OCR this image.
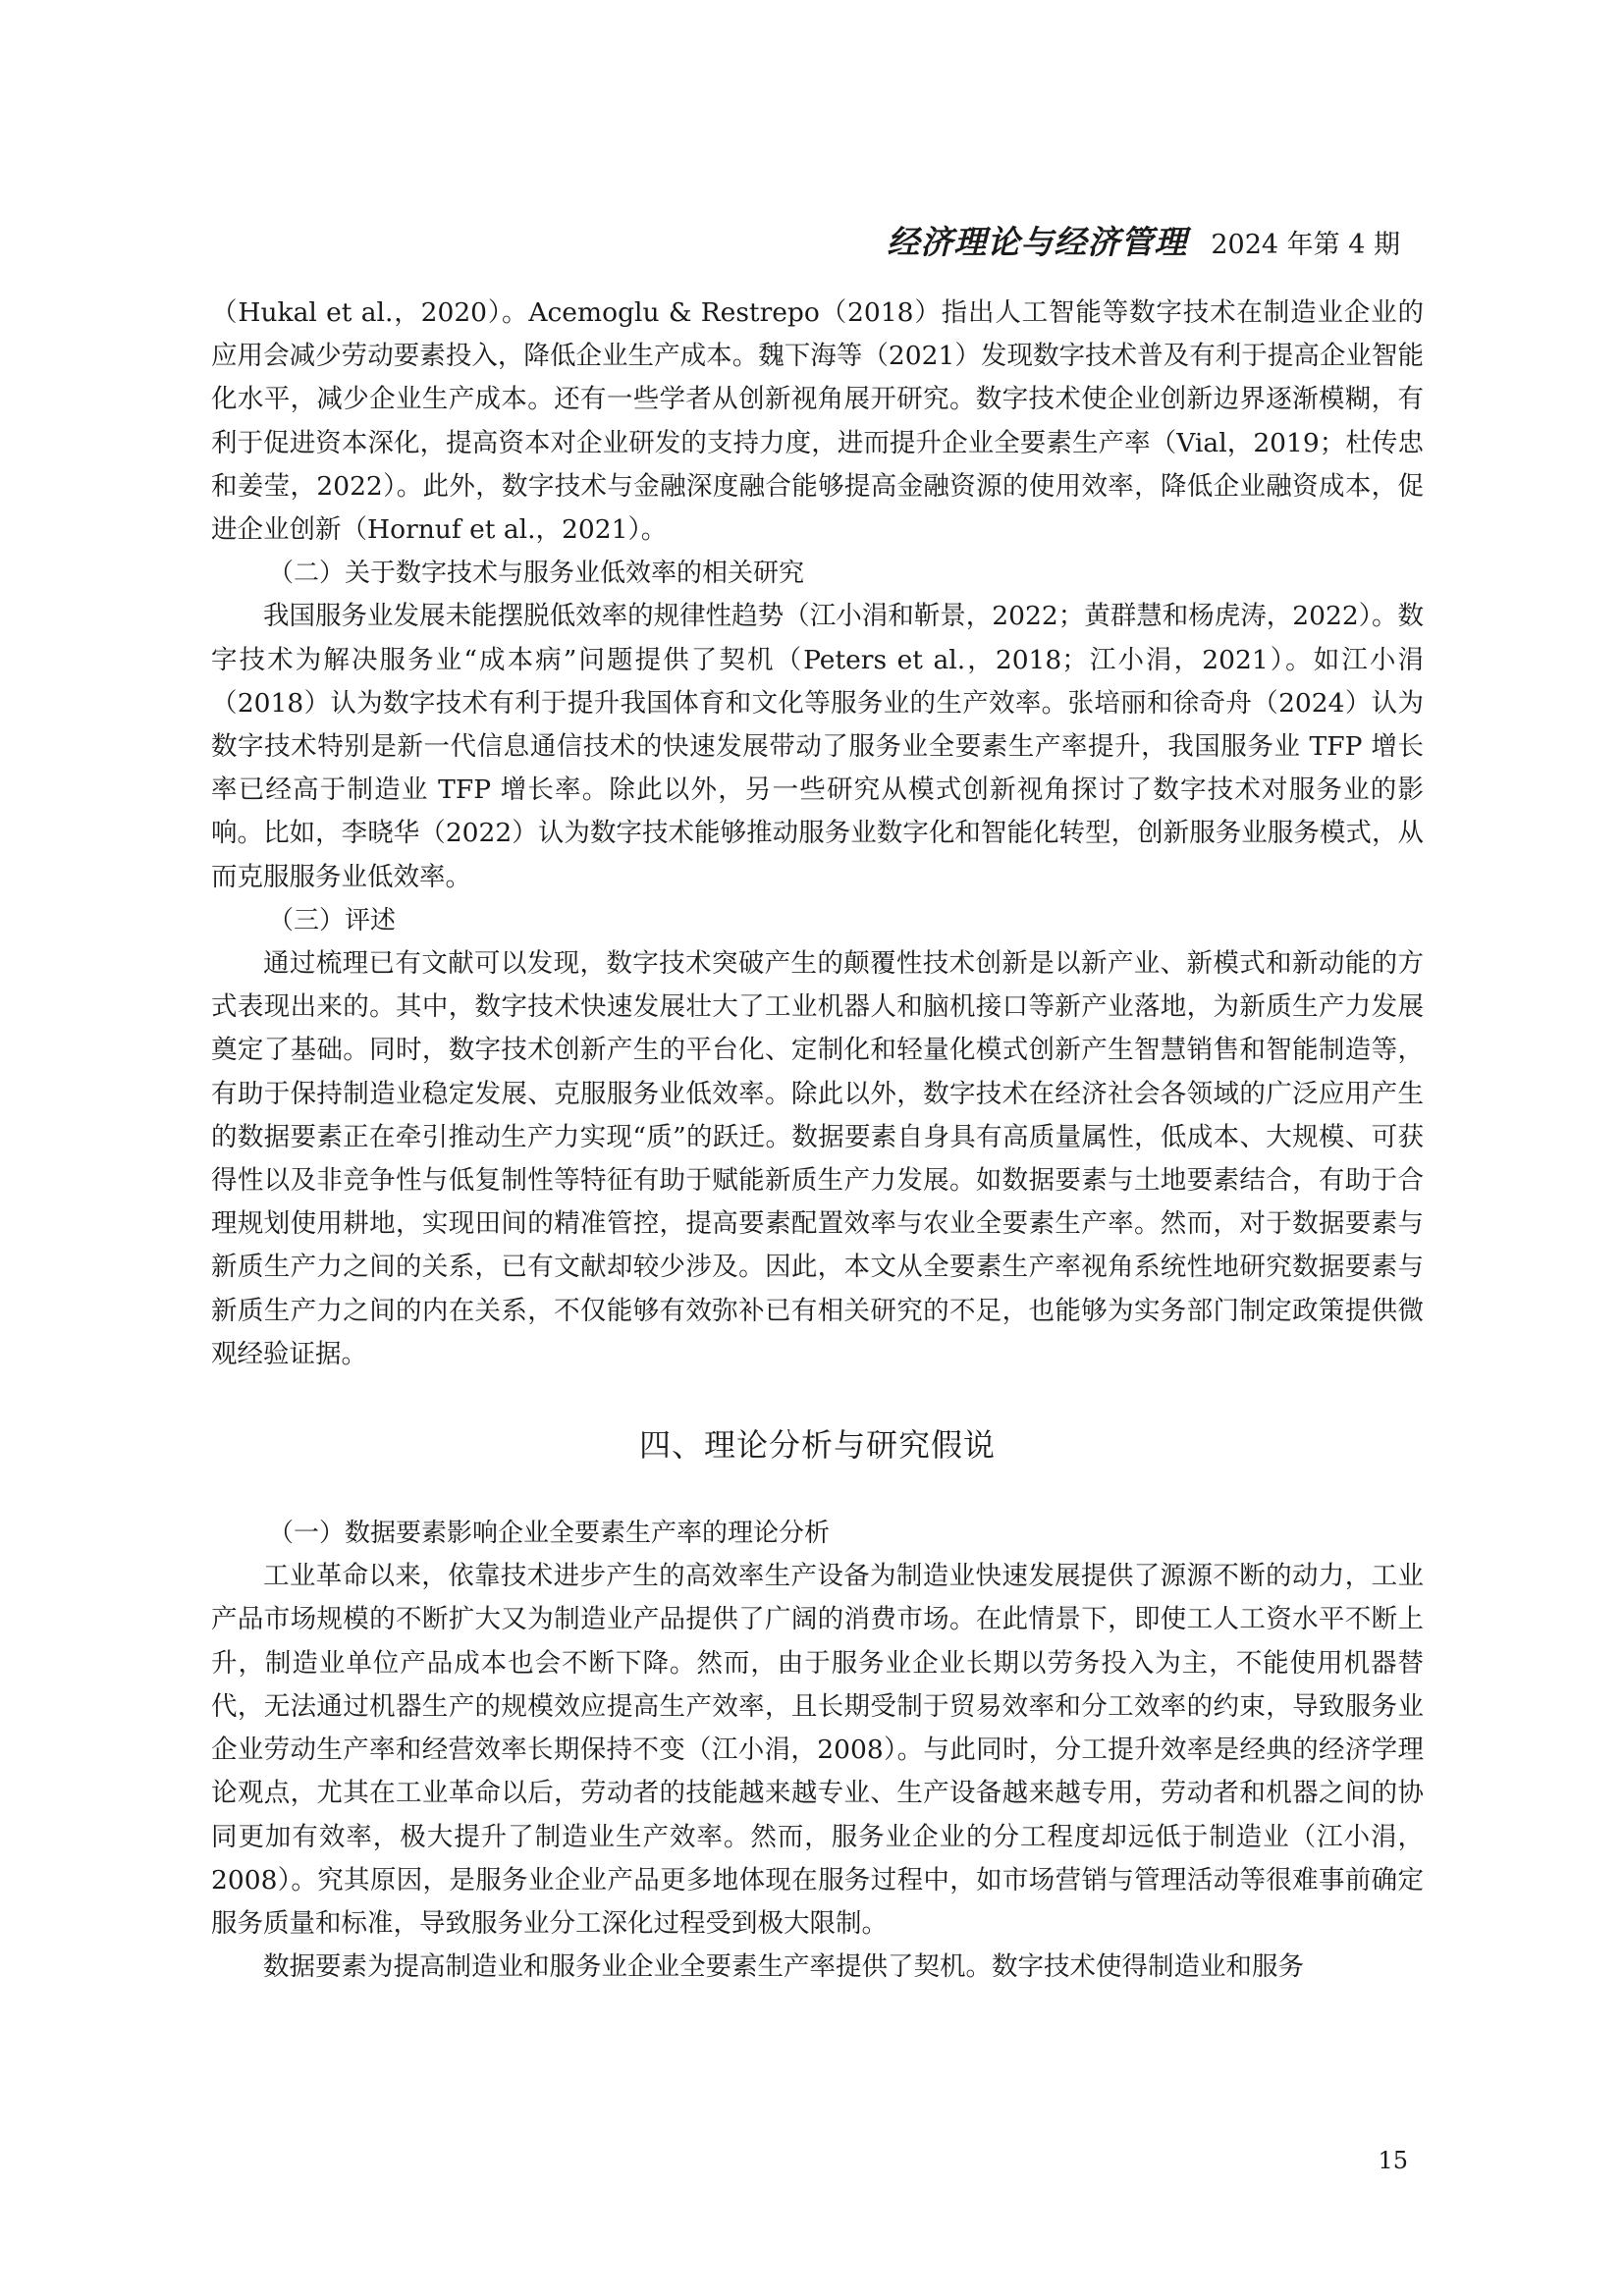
经济理论与经济管理 2024 年第 4 期

（Hukal et al.，2020）。Acemoglu & Restrepo（2018）指出人工智能等数字技术在制造业企业的应用会减少劳动要素投入，降低企业生产成本。魏下海等（2021）发现数字技术普及有利于提高企业智能化水平，减少企业生产成本。还有一些学者从创新视角展开研究。数字技术使企业创新边界逐渐模糊，有利于促进资本深化，提高资本对企业研发的支持力度，进而提升企业全要素生产率（Vial，2019；杜传忠和姜莹，2022）。此外，数字技术与金融深度融合能够提高金融资源的使用效率，降低企业融资成本，促进企业创新（Hornuf et al.，2021）。

（二）关于数字技术与服务业低效率的相关研究

我国服务业发展未能摆脱低效率的规律性趋势（江小涓和靳景，2022；黄群慧和杨虎涛，2022）。数字技术为解决服务业“成本病”问题提供了契机（Peters et al.，2018；江小涓，2021）。如江小涓（2018）认为数字技术有利于提升我国体育和文化等服务业的生产效率。张培丽和徐奇舟（2024）认为数字技术特别是新一代信息通信技术的快速发展带动了服务业全要素生产率提升，我国服务业 TFP 增长率已经高于制造业 TFP 增长率。除此以外，另一些研究从模式创新视角探讨了数字技术对服务业的影响。比如，李晓华（2022）认为数字技术能够推动服务业数字化和智能化转型，创新服务业服务模式，从而克服服务业低效率。

（三）评述

通过梳理已有文献可以发现，数字技术突破产生的颠覆性技术创新是以新产业、新模式和新动能的方式表现出来的。其中，数字技术快速发展壮大了工业机器人和脑机接口等新产业落地，为新质生产力发展奠定了基础。同时，数字技术创新产生的平台化、定制化和轻量化模式创新产生智慧销售和智能制造等，有助于保持制造业稳定发展、克服服务业低效率。除此以外，数字技术在经济社会各领域的广泛应用产生的数据要素正在牵引推动生产力实现“质”的跃迁。数据要素自身具有高质量属性，低成本、大规模、可获得性以及非竞争性与低复制性等特征有助于赋能新质生产力发展。如数据要素与土地要素结合，有助于合理规划使用耕地，实现田间的精准管控，提高要素配置效率与农业全要素生产率。然而，对于数据要素与新质生产力之间的关系，已有文献却较少涉及。因此，本文从全要素生产率视角系统性地研究数据要素与新质生产力之间的内在关系，不仅能够有效弥补已有相关研究的不足，也能够为实务部门制定政策提供微观经验证据。

四、理论分析与研究假说
（一）数据要素影响企业全要素生产率的理论分析

工业革命以来，依靠技术进步产生的高效率生产设备为制造业快速发展提供了源源不断的动力，工业产品市场规模的不断扩大又为制造业产品提供了广阔的消费市场。在此情景下，即使工人工资水平不断上升，制造业单位产品成本也会不断下降。然而，由于服务业企业长期以劳务投入为主，不能使用机器替代，无法通过机器生产的规模效应提高生产效率，且长期受制于贸易效率和分工效率的约束，导致服务业企业劳动生产率和经营效率长期保持不变（江小涓，2008）。与此同时，分工提升效率是经典的经济学理论观点，尤其在工业革命以后，劳动者的技能越来越专业、生产设备越来越专用，劳动者和机器之间的协同更加有效率，极大提升了制造业生产效率。然而，服务业企业的分工程度却远低于制造业（江小涓，2008）。究其原因，是服务业企业产品更多地体现在服务过程中，如市场营销与管理活动等很难事前确定服务质量和标准，导致服务业分工深化过程受到极大限制。

数据要素为提高制造业和服务业企业全要素生产率提供了契机。数字技术使得制造业和服务

15
